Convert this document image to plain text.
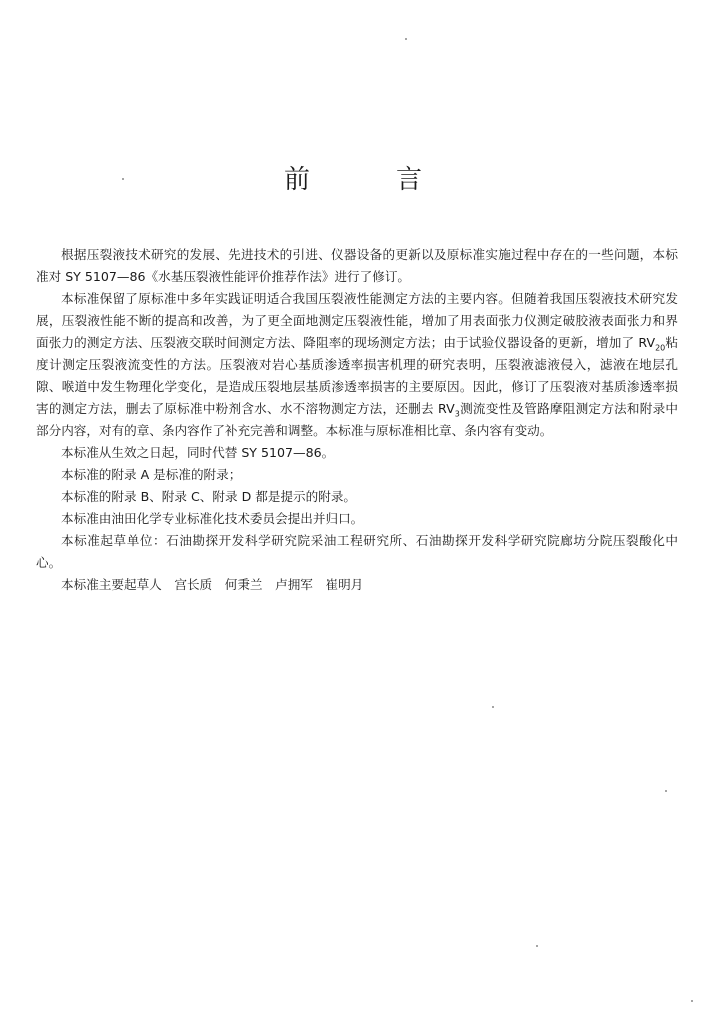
前	言

根据压裂液技术研究的发展、先进技术的引进、仪器设备的更新以及原标准实施过程中存在的一些问题，本标准对 SY 5107—86《水基压裂液性能评价推荐作法》进行了修订。

本标准保留了原标准中多年实践证明适合我国压裂液性能测定方法的主要内容。但随着我国压裂液技术研究发展，压裂液性能不断的提高和改善，为了更全面地测定压裂液性能，增加了用表面张力仪测定破胶液表面张力和界面张力的测定方法、压裂液交联时间测定方法、降阻率的现场测定方法；由于试验仪器设备的更新，增加了 $RV_{20}$粘度计测定压裂液流变性的方法。压裂液对岩心基质渗透率损害机理的研究表明，压裂液滤液侵入，滤液在地层孔隙、喉道中发生物理化学变化，是造成压裂地层基质渗透率损害的主要原因。因此，修订了压裂液对基质渗透率损害的测定方法，删去了原标准中粉剂含水、水不溶物测定方法，还删去 $RV_3$测流变性及管路摩阻测定方法和附录中部分内容，对有的章、条内容作了补充完善和调整。本标准与原标准相比章、条内容有变动。

本标准从生效之日起，同时代替 SY 5107—86。

本标准的附录 A 是标准的附录；

本标准的附录 B、附录 C、附录 D 都是提示的附录。

本标准由油田化学专业标准化技术委员会提出并归口。

本标准起草单位：石油勘探开发科学研究院采油工程研究所、石油勘探开发科学研究院廊坊分院压裂酸化中心。

本标准主要起草人　宫长质　何秉兰　卢拥军　崔明月
